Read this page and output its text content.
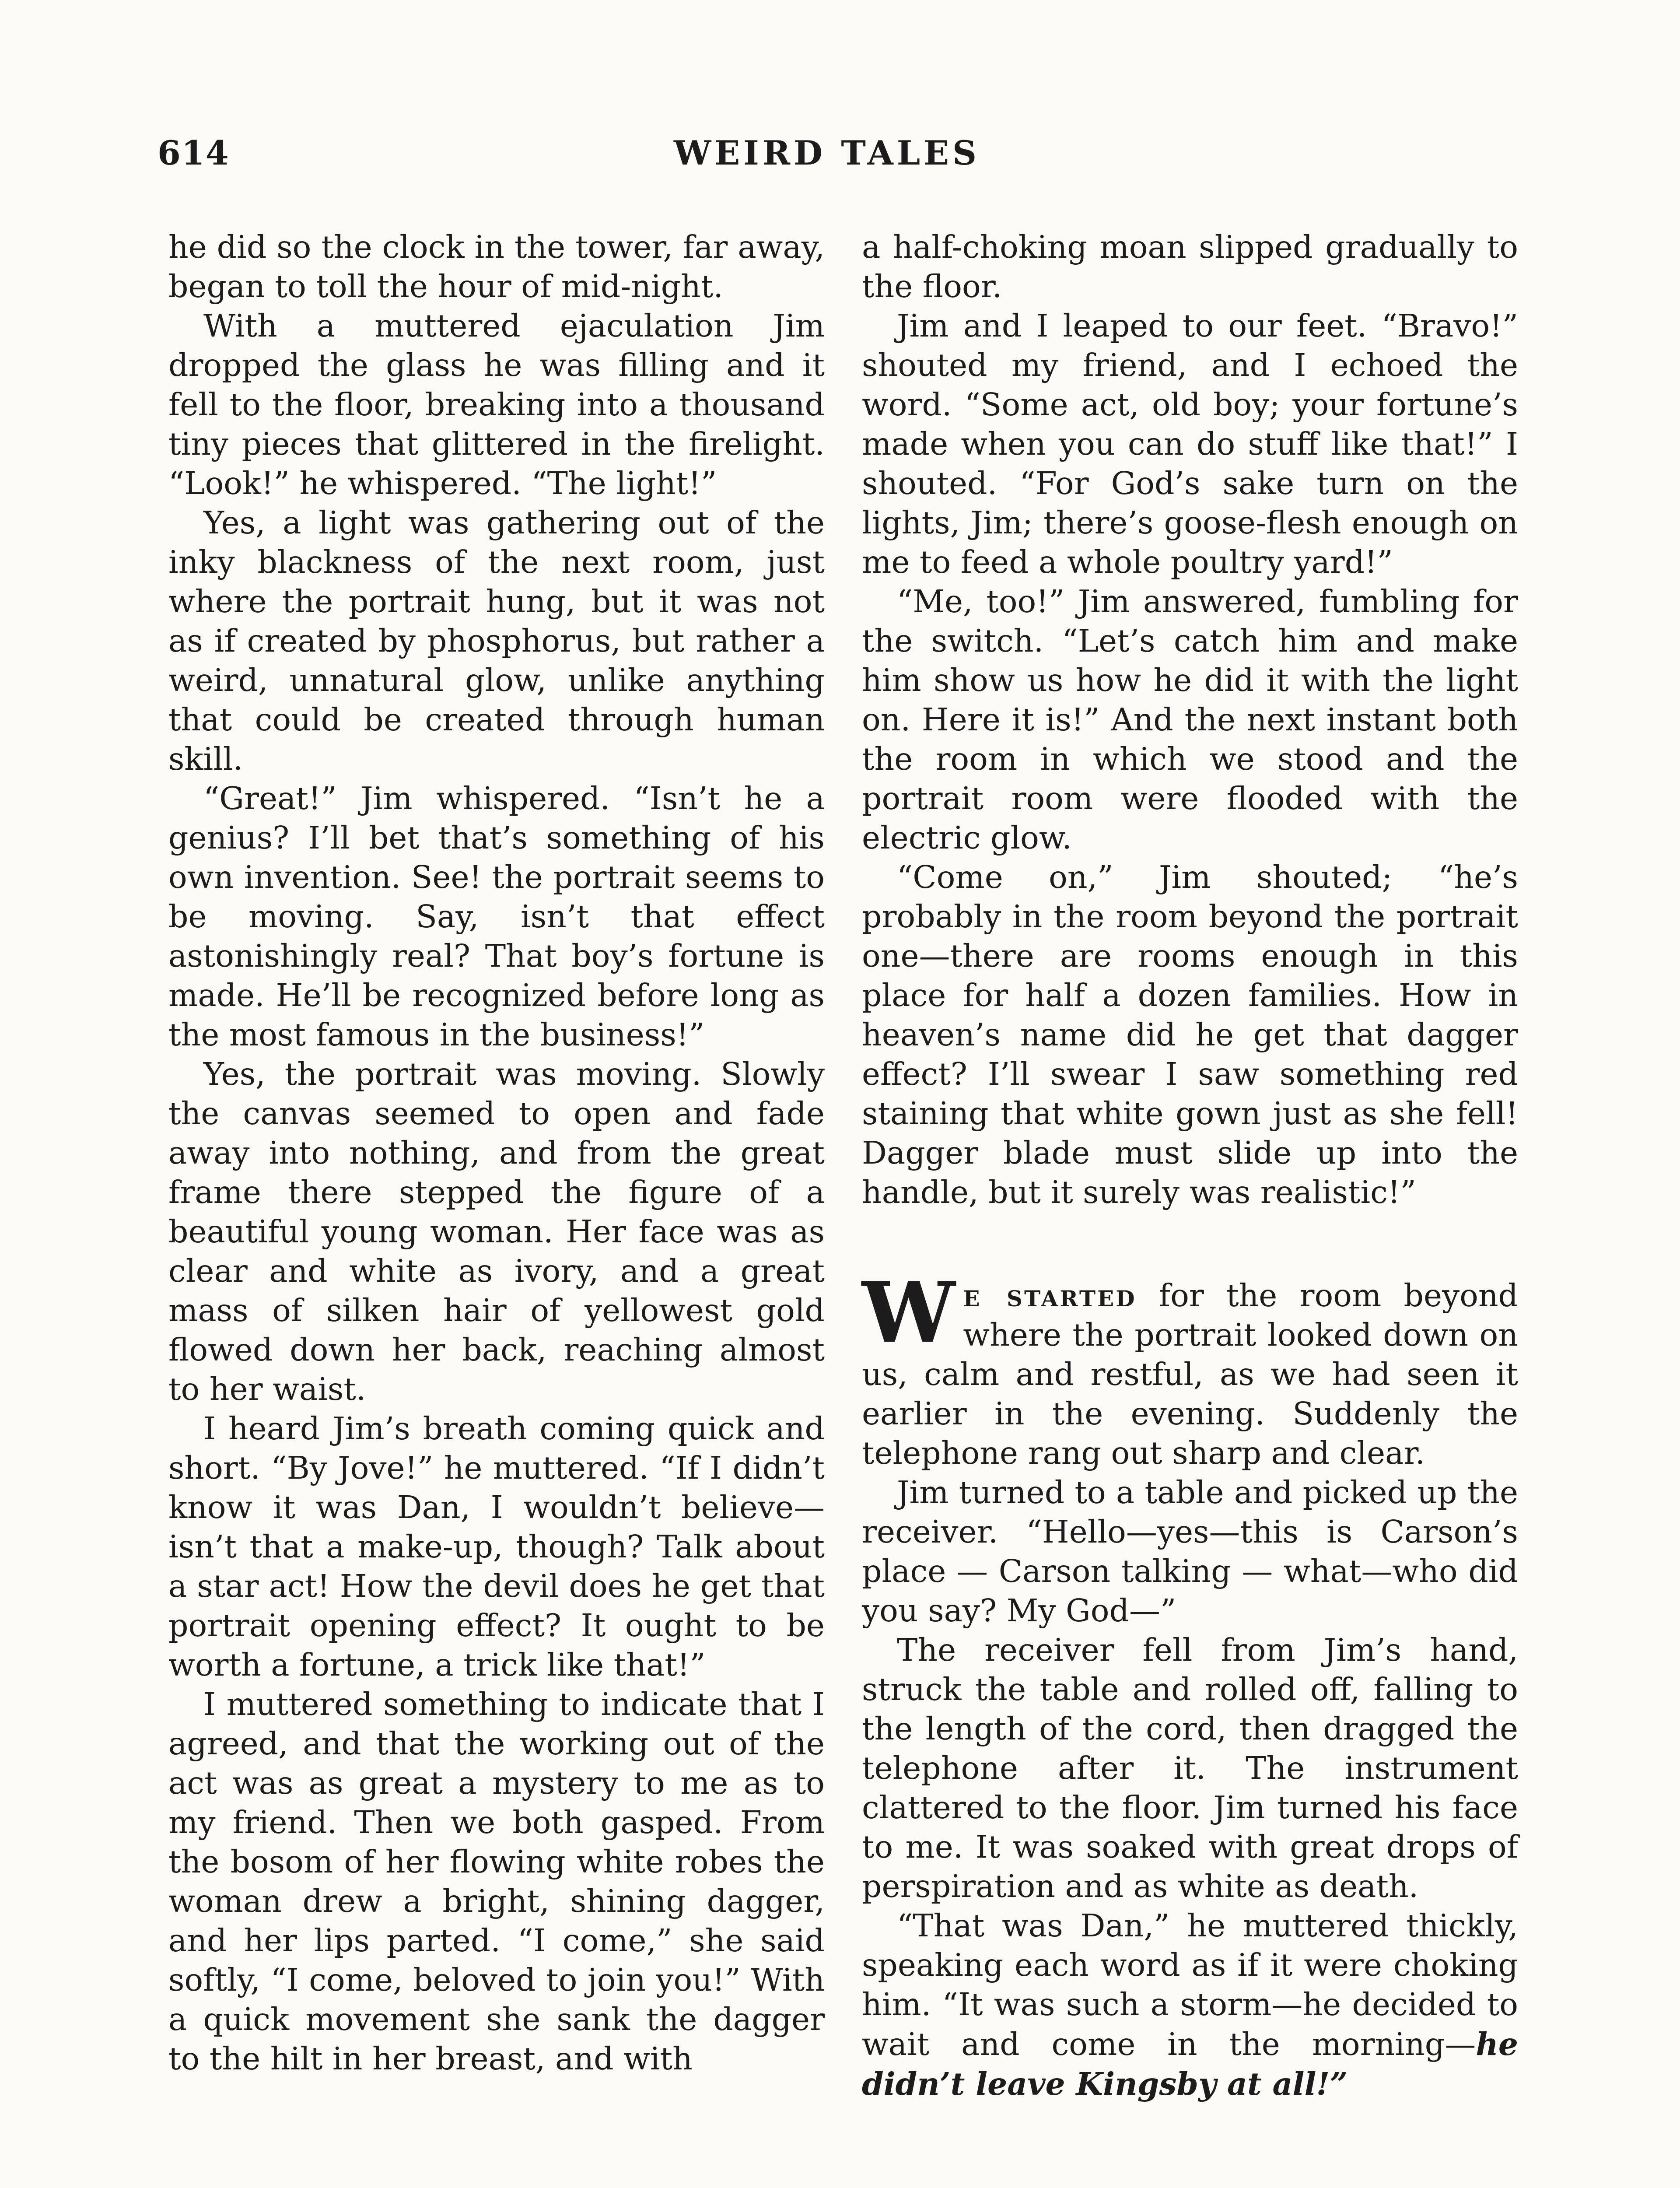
614	WEIRD TALES

he did so the clock in the tower, far away, began to toll the hour of mid-night.

With a muttered ejaculation Jim dropped the glass he was filling and it fell to the floor, breaking into a thousand tiny pieces that glittered in the firelight. “Look!” he whispered. “The light!”

Yes, a light was gathering out of the inky blackness of the next room, just where the portrait hung, but it was not as if created by phosphorus, but rather a weird, unnatural glow, unlike anything that could be created through human skill.

“Great!” Jim whispered. “Isn’t he a genius? I’ll bet that’s something of his own invention. See! the portrait seems to be moving. Say, isn’t that effect astonishingly real? That boy’s fortune is made. He’ll be recognized before long as the most famous in the business!”

Yes, the portrait was moving. Slowly the canvas seemed to open and fade away into nothing, and from the great frame there stepped the figure of a beautiful young woman. Her face was as clear and white as ivory, and a great mass of silken hair of yellowest gold flowed down her back, reaching almost to her waist.

I heard Jim’s breath coming quick and short. “By Jove!” he muttered. “If I didn’t know it was Dan, I wouldn’t believe—isn’t that a make-up, though? Talk about a star act! How the devil does he get that portrait opening effect? It ought to be worth a fortune, a trick like that!”

I muttered something to indicate that I agreed, and that the working out of the act was as great a mystery to me as to my friend. Then we both gasped. From the bosom of her flowing white robes the woman drew a bright, shining dagger, and her lips parted. “I come,” she said softly, “I come, beloved to join you!” With a quick movement she sank the dagger to the hilt in her breast, and with

a half-choking moan slipped gradually to the floor.

Jim and I leaped to our feet. “Bravo!” shouted my friend, and I echoed the word. “Some act, old boy; your fortune’s made when you can do stuff like that!” I shouted. “For God’s sake turn on the lights, Jim; there’s goose-flesh enough on me to feed a whole poultry yard!”

“Me, too!” Jim answered, fumbling for the switch. “Let’s catch him and make him show us how he did it with the light on. Here it is!” And the next instant both the room in which we stood and the portrait room were flooded with the electric glow.

“Come on,” Jim shouted; “he’s probably in the room beyond the portrait one—there are rooms enough in this place for half a dozen families. How in heaven’s name did he get that dagger effect? I’ll swear I saw something red staining that white gown just as she fell! Dagger blade must slide up into the handle, but it surely was realistic!”

We started for the room beyond where the portrait looked down on us, calm and restful, as we had seen it earlier in the evening. Suddenly the telephone rang out sharp and clear.

Jim turned to a table and picked up the receiver. “Hello—yes—this is Carson’s place — Carson talking — what—who did you say? My God—”

The receiver fell from Jim’s hand, struck the table and rolled off, falling to the length of the cord, then dragged the telephone after it. The instrument clattered to the floor. Jim turned his face to me. It was soaked with great drops of perspiration and as white as death.

“That was Dan,” he muttered thickly, speaking each word as if it were choking him. “It was such a storm—he decided to wait and come in the morning—he didn’t leave Kingsby at all!”
